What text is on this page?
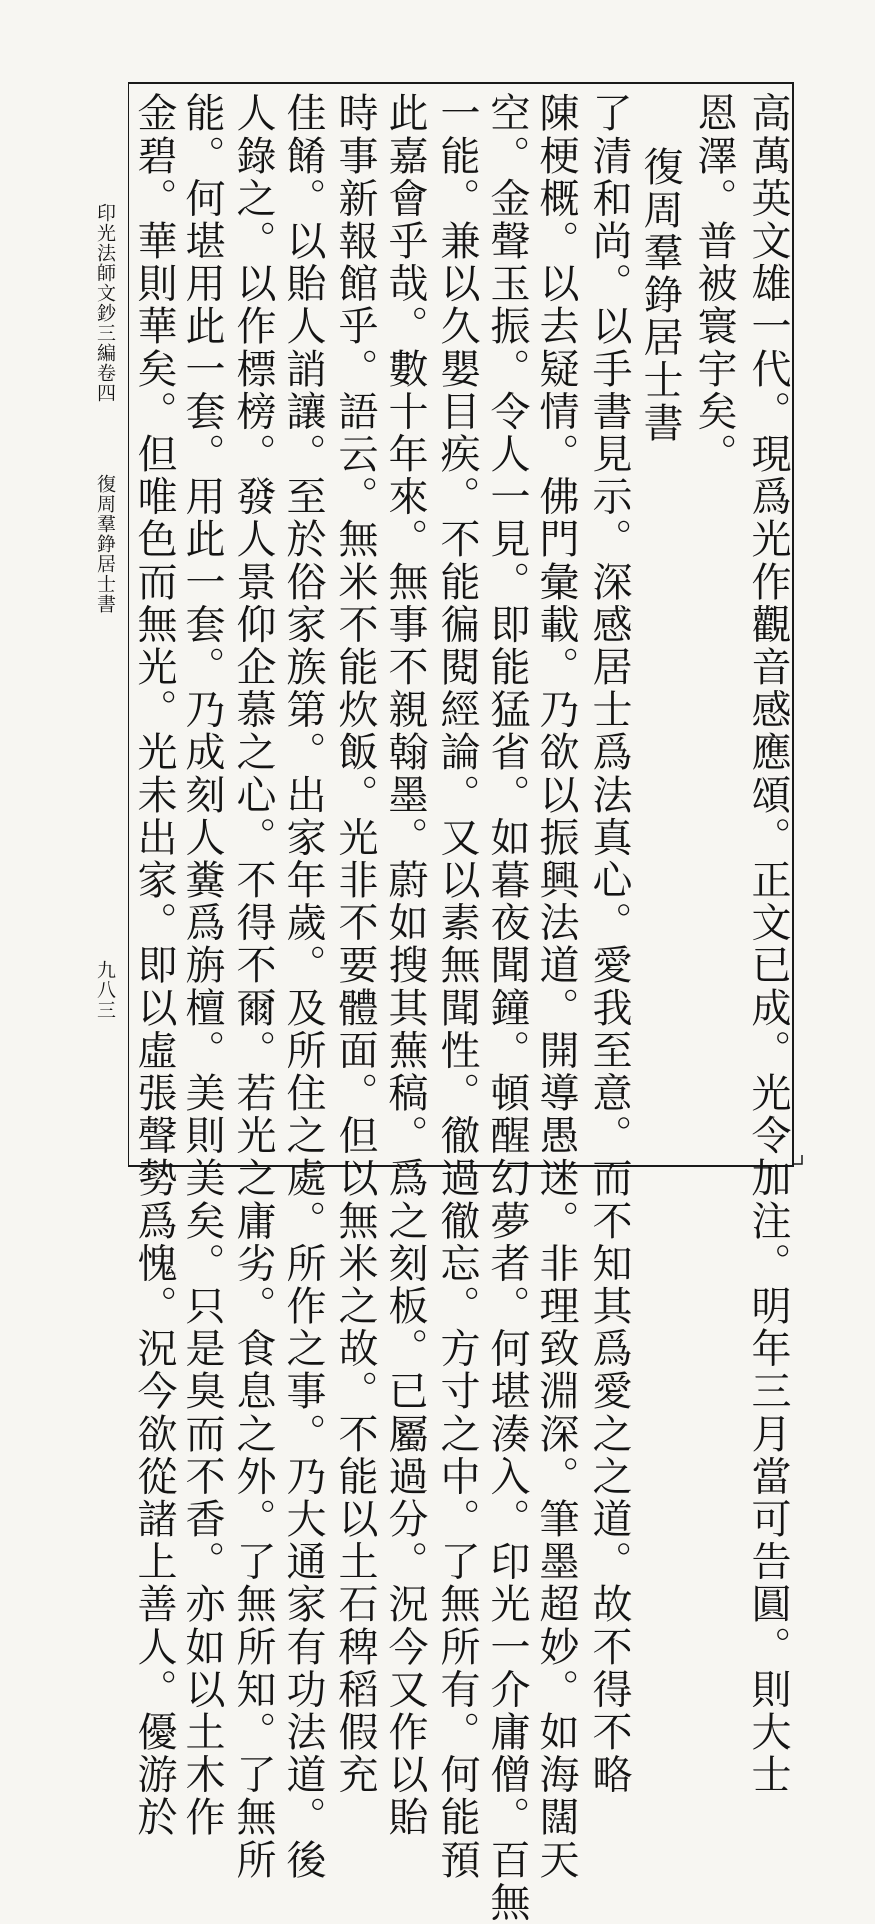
高萬英文雄一代。現爲光作觀音感應頌。正文已成。光令加注。明年三月當可告圓。則大士
恩澤。普被寰宇矣。
復周羣錚居士書
了清和尚。以手書見示。深感居士爲法真心。愛我至意。而不知其爲愛之之道。故不得不略
陳梗概。以去疑情。佛門彙載。乃欲以振興法道。開導愚迷。非理致淵深。筆墨超妙。如海闊天
空。金聲玉振。令人一見。即能猛省。如暮夜聞鐘。頓醒幻夢者。何堪湊入。印光一介庸僧。百無
一能。兼以久嬰目疾。不能徧閱經論。又以素無聞性。徹過徹忘。方寸之中。了無所有。何能預
此嘉會乎哉。數十年來。無事不親翰墨。蔚如搜其蕪稿。爲之刻板。已屬過分。況今又作以貽
時事新報館乎。語云。無米不能炊飯。光非不要體面。但以無米之故。不能以土石稗稻假充
佳餚。以貽人誚讓。至於俗家族第。出家年歲。及所住之處。所作之事。乃大通家有功法道。後
人錄之。以作標榜。發人景仰企慕之心。不得不爾。若光之庸劣。食息之外。了無所知。了無所
能。何堪用此一套。用此一套。乃成刻人糞爲旃檀。美則美矣。只是臭而不香。亦如以土木作
金碧。華則華矣。但唯色而無光。光未出家。即以虛張聲勢爲愧。況今欲從諸上善人。優游於
印光法師文鈔三編卷四
復周羣錚居士書
九八三
